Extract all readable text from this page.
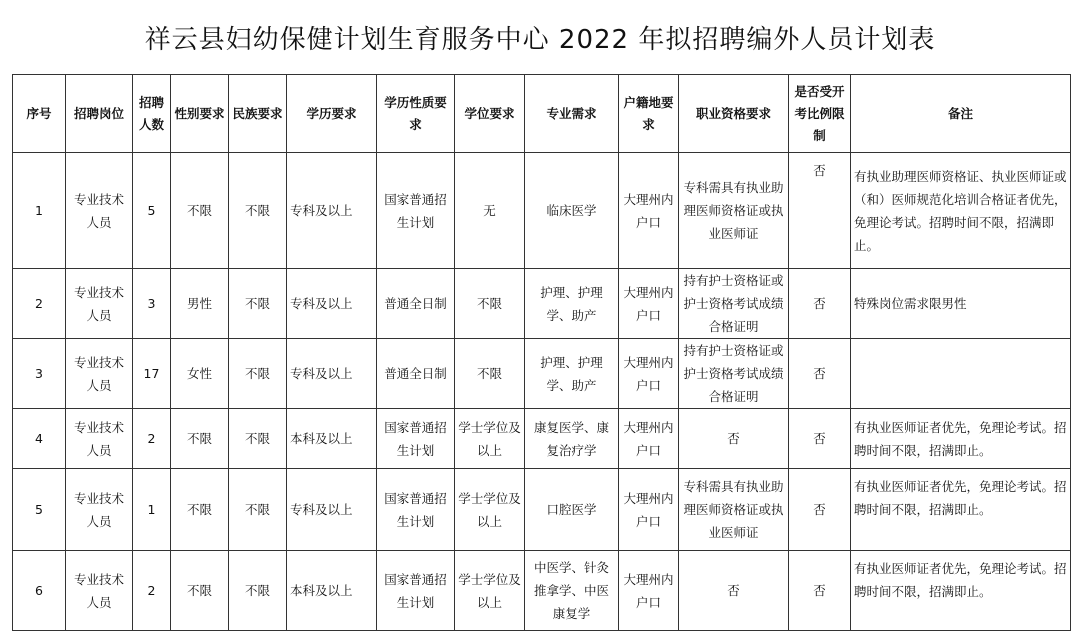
祥云县妇幼保健计划生育服务中心 2022 年拟招聘编外人员计划表
序号	招聘岗位	招聘人数	性别要求	民族要求	学历要求	学历性质要求	学位要求	专业需求	户籍地要求	职业资格要求	是否受开考比例限制	备注
1	专业技术人员	5	不限	不限	专科及以上	国家普通招生计划	无	临床医学	大理州内户口	专科需具有执业助理医师资格证或执业医师证	否	有执业助理医师资格证、执业医师证或（和）医师规范化培训合格证者优先，免理论考试。招聘时间不限，招满即止。
2	专业技术人员	3	男性	不限	专科及以上	普通全日制	不限	护理、护理学、助产	大理州内户口	持有护士资格证或护士资格考试成绩合格证明	否	特殊岗位需求限男性
3	专业技术人员	17	女性	不限	专科及以上	普通全日制	不限	护理、护理学、助产	大理州内户口	持有护士资格证或护士资格考试成绩合格证明	否	
4	专业技术人员	2	不限	不限	本科及以上	国家普通招生计划	学士学位及以上	康复医学、康复治疗学	大理州内户口	否	否	有执业医师证者优先，免理论考试。招聘时间不限，招满即止。
5	专业技术人员	1	不限	不限	专科及以上	国家普通招生计划	学士学位及以上	口腔医学	大理州内户口	专科需具有执业助理医师资格证或执业医师证	否	有执业医师证者优先，免理论考试。招聘时间不限，招满即止。
6	专业技术人员	2	不限	不限	本科及以上	国家普通招生计划	学士学位及以上	中医学、针灸推拿学、中医康复学	大理州内户口	否	否	有执业医师证者优先，免理论考试。招聘时间不限，招满即止。
